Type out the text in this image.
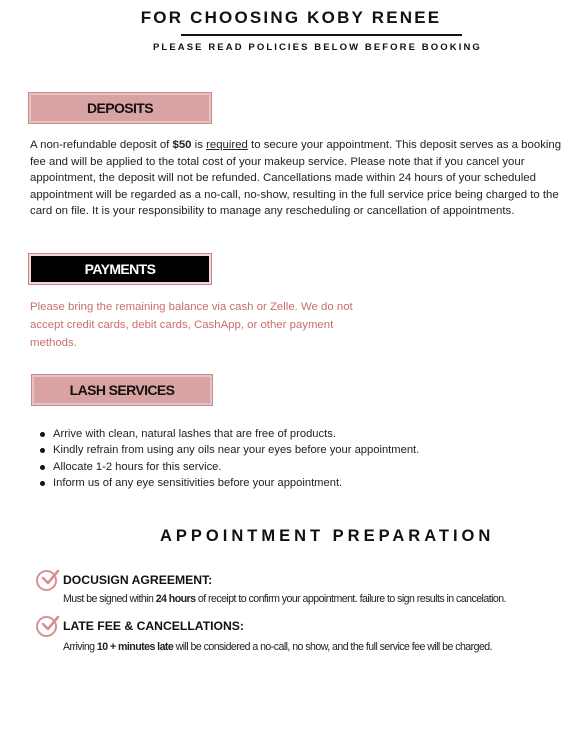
FOR CHOOSING KOBY RENEE
PLEASE READ POLICIES BELOW BEFORE BOOKING
DEPOSITS
A non-refundable deposit of $50 is required to secure your appointment. This deposit serves as a booking fee and will be applied to the total cost of your makeup service. Please note that if you cancel your appointment, the deposit will not be refunded. Cancellations made within 24 hours of your scheduled appointment will be regarded as a no-call, no-show, resulting in the full service price being charged to the card on file. It is your responsibility to manage any rescheduling or cancellation of appointments.
PAYMENTS
Please bring the remaining balance via cash or Zelle. We do not accept credit cards, debit cards, CashApp, or other payment methods.
LASH SERVICES
Arrive with clean, natural lashes that are free of products.
Kindly refrain from using any oils near your eyes before your appointment.
Allocate 1-2 hours for this service.
Inform us of any eye sensitivities before your appointment.
APPOINTMENT PREPARATION
DOCUSIGN AGREEMENT:
Must be signed within 24 hours of receipt to confirm your appointment. failure to sign results in cancelation.
LATE FEE & CANCELLATIONS:
Arriving 10 + minutes late will be considered a no-call, no show, and the full service fee will be charged.
